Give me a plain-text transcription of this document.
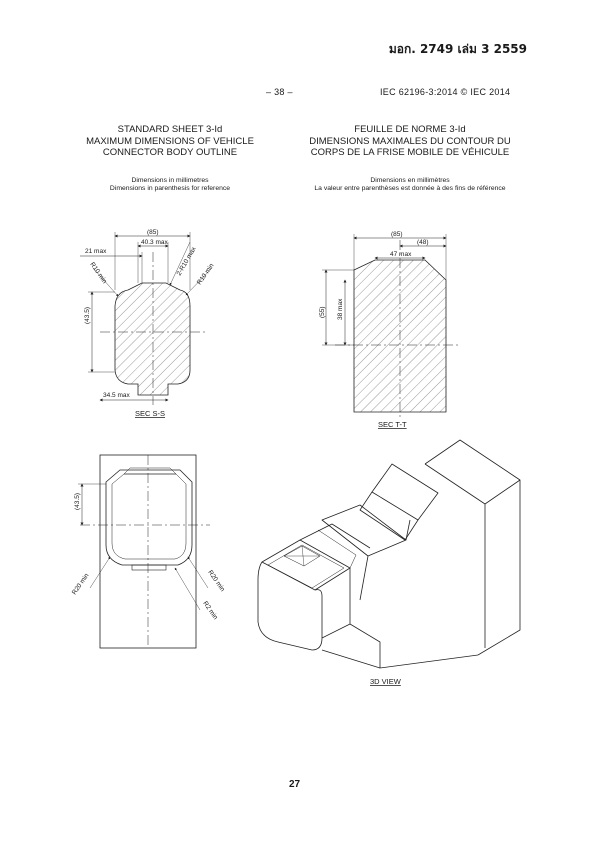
มอก. 2749 เล่ม 3 2559
– 38 –	IEC 62196-3:2014 © IEC 2014
STANDARD SHEET 3-Id
MAXIMUM DIMENSIONS OF VEHICLE
CONNECTOR BODY OUTLINE
FEUILLE DE NORME 3-Id
DIMENSIONS MAXIMALES DU CONTOUR DU
CORPS DE LA FRISE MOBILE DE VÉHICULE
Dimensions in millimetres
Dimensions in parenthesis for reference
Dimensions en millimètres
La valeur entre parenthèses est donnée à des fins de référence
(85)
40.3 max
21 max
R10 min	R10 min
2-R10 max
(43.5)
34.5 max
SEC S-S
(85)
(48)
47 max
(55) 38 max
SEC T-T
(43.5)
R20 min	R20 min
R2 min
3D VIEW
27
